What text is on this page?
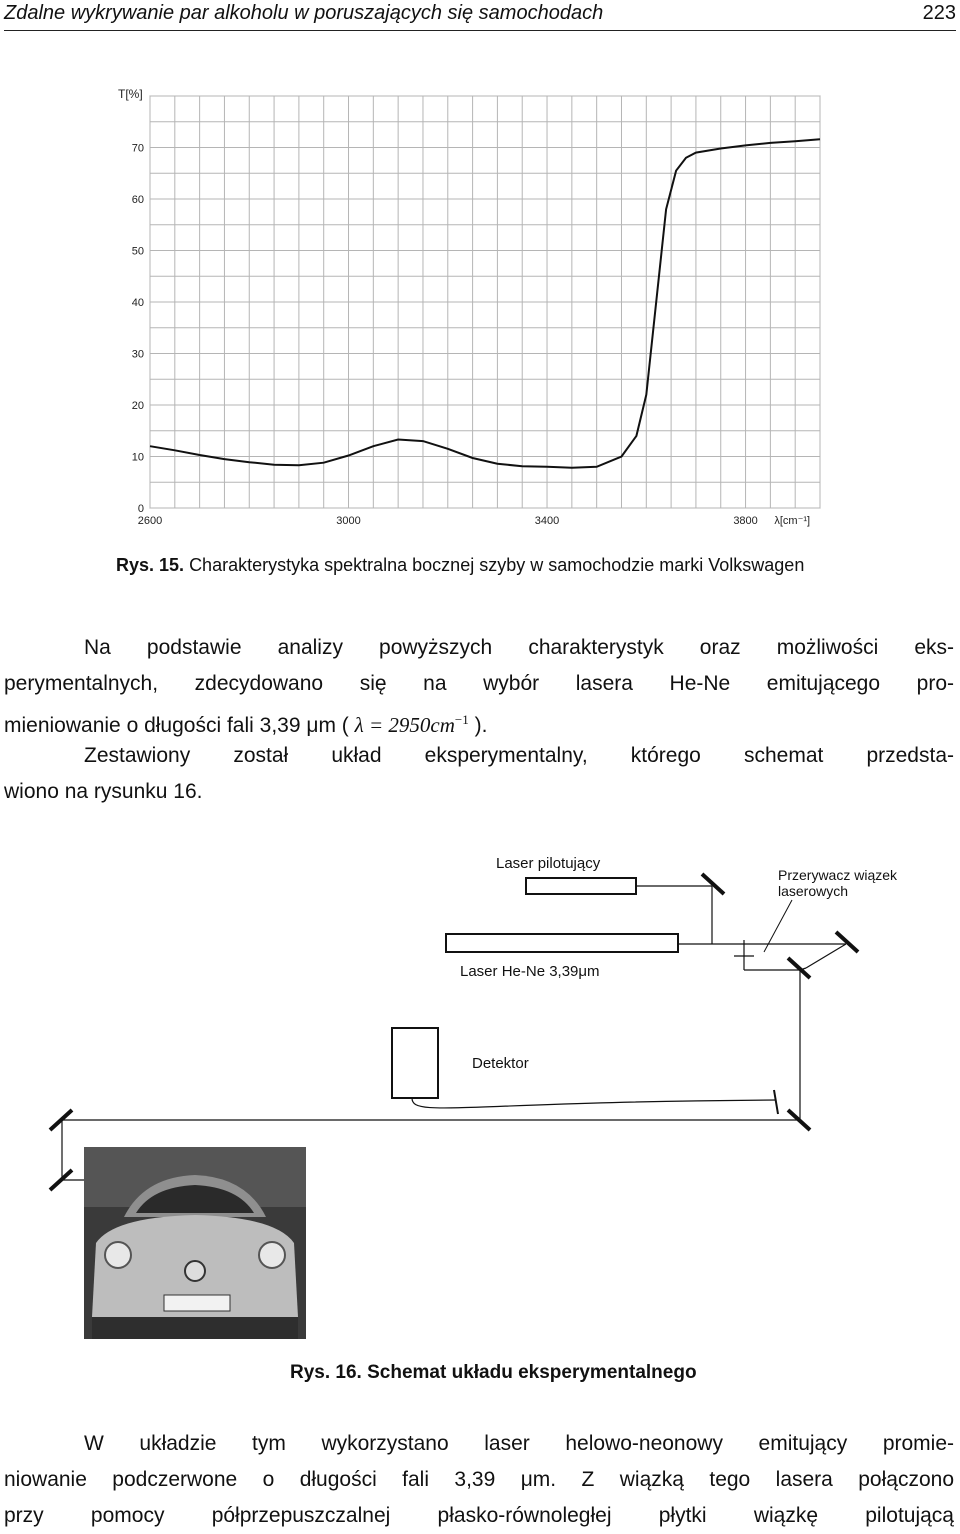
Zdalne wykrywanie par alkoholu w poruszających się samochodach	223
0
10
20
30
40
50
60
70
2600	3000	3400	3800
T[%]
λ[cm⁻¹]
Rys. 15. Charakterystyka spektralna bocznej szyby w samochodzie marki Volkswagen
Na podstawie analizy powyższych charakterystyk oraz możliwości eks-
perymentalnych, zdecydowano się na wybór lasera He-Ne emitującego pro-
mieniowanie o długości fali 3,39 μm ( $\lambda = 2950cm^{-1}$ ).
Zestawiony został układ eksperymentalny, którego schemat przedsta-
wiono na rysunku 16.
Laser pilotujący
Przerywacz wiązek
laserowych
Laser He-Ne 3,39μm
Detektor
Rys. 16. Schemat układu eksperymentalnego
W układzie tym wykorzystano laser helowo-neonowy emitujący promie-
niowanie podczerwone o długości fali 3,39 μm. Z wiązką tego lasera połączono
przy pomocy półprzepuszczalnej płasko-równoległej płytki wiązkę pilotującą
